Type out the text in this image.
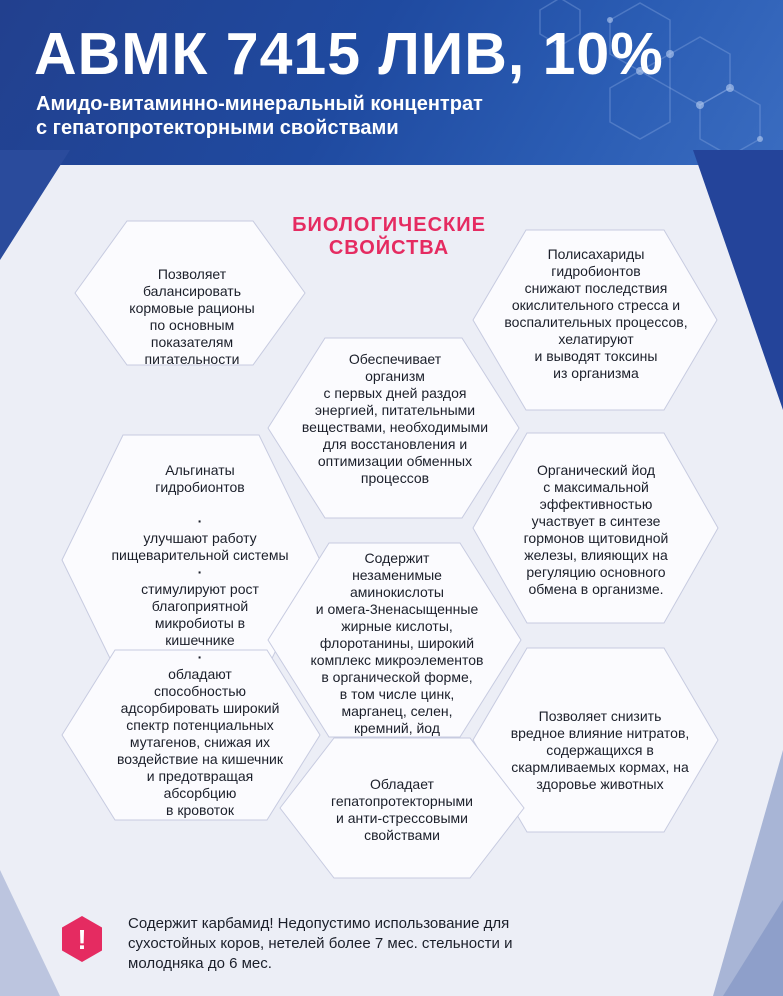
АВМК 7415 ЛИВ, 10%
Амидо-витаминно-минеральный концентрат
с гепатопротекторными свойствами
БИОЛОГИЧЕСКИЕ
СВОЙСТВА
Позволяет
балансировать
кормовые рационы
по основным
показателям
питательности
Полисахариды
гидробионтов
снижают последствия
окислительного стресса и
воспалительных процессов,
хелатируют
и выводят токсины
из организма
Обеспечивает
организм
с первых дней раздоя
энергией, питательными
веществами, необходимыми
для восстановления и
оптимизации обменных
процессов
Альгинаты
гидробионтов
·
улучшают работу
пищеварительной системы
·
стимулируют рост
благоприятной
микробиоты в
кишечнике
·
обладают
способностью
адсорбировать широкий
спектр потенциальных
мутагенов, снижая их
воздействие на кишечник
и предотвращая
абсорбцию
в кровоток
Органический йод
с максимальной
эффективностью
участвует в синтезе
гормонов щитовидной
железы, влияющих на
регуляцию основного
обмена в организме.
Содержит
незаменимые
аминокислоты
и омега-3ненасыщенные
жирные кислоты,
флоротанины, широкий
комплекс микроэлементов
в органической форме,
в том числе цинк,
марганец, селен,
кремний, йод
Позволяет снизить
вредное влияние нитратов,
содержащихся в
скармливаемых кормах, на
здоровье животных
Обладает
гепатопротекторными
и анти-стрессовыми
свойствами
!
Содержит карбамид! Недопустимо использование для
сухостойных коров, нетелей более 7 мес. стельности и
молодняка до 6 мес.
